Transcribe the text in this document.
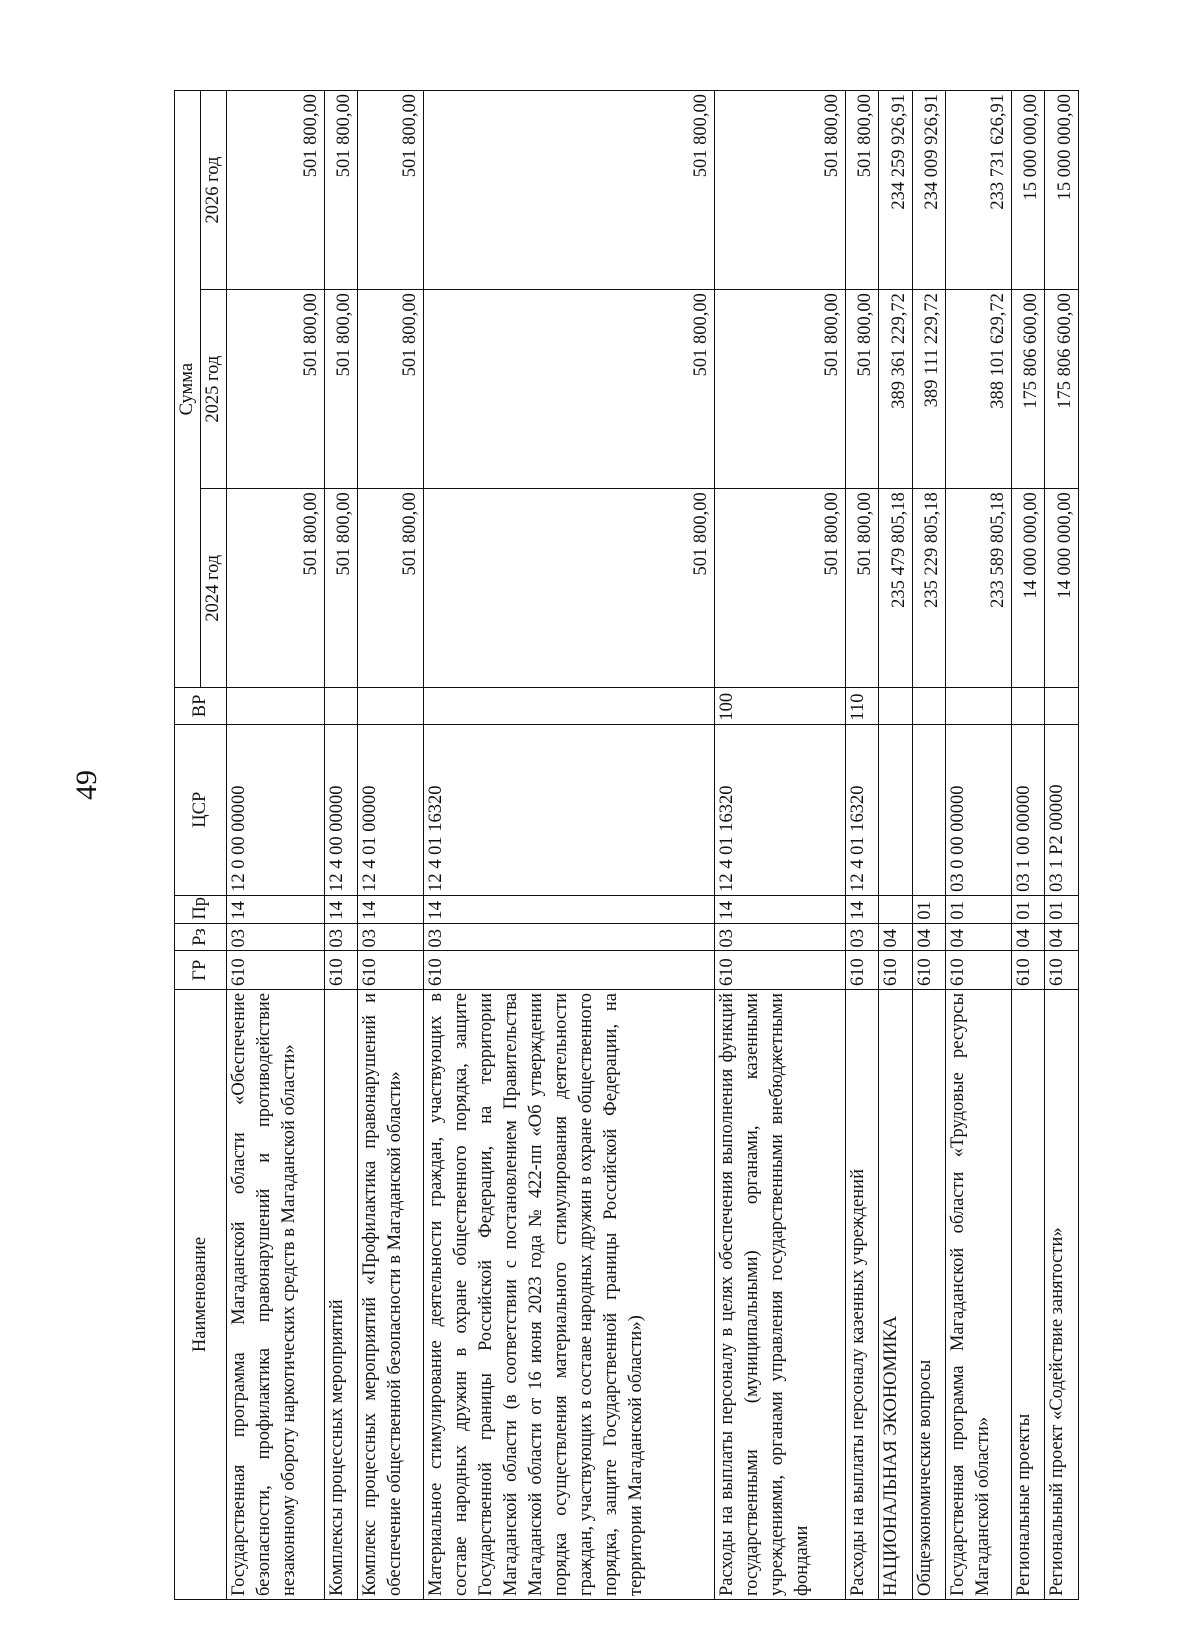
49
Наименование	ГР	Рз	Пр	ЦСР	ВР	Сумма		
						2024 год	2025 год	2026 год
Государственная программа Магаданской области «Обеспечение безопасности, профилактика правонарушений и противодействие незаконному обороту наркотических средств в Магаданской области»	610	03	14	12 0 00 00000		501 800,00	501 800,00	501 800,00
Комплексы процессных мероприятий	610	03	14	12 4 00 00000		501 800,00	501 800,00	501 800,00
Комплекс процессных мероприятий «Профилактика правонарушений и обеспечение общественной безопасности в Магаданской области»	610	03	14	12 4 01 00000		501 800,00	501 800,00	501 800,00
Материальное стимулирование деятельности граждан, участвующих в составе народных дружин в охране общественного порядка, защите Государственной границы Российской Федерации, на территории Магаданской области (в соответствии с постановлением Правительства Магаданской области от 16 июня 2023 года № 422-пп «Об утверждении порядка осуществления материального стимулирования деятельности граждан, участвующих в составе народных дружин в охране общественного порядка, защите Государственной границы Российской Федерации, на территории Магаданской области»)	610	03	14	12 4 01 16320		501 800,00	501 800,00	501 800,00
Расходы на выплаты персоналу в целях обеспечения выполнения функций государственными (муниципальными) органами, казенными учреждениями, органами управления государственными внебюджетными фондами	610	03	14	12 4 01 16320	100	501 800,00	501 800,00	501 800,00
Расходы на выплаты персоналу казенных учреждений	610	03	14	12 4 01 16320	110	501 800,00	501 800,00	501 800,00
НАЦИОНАЛЬНАЯ ЭКОНОМИКА	610	04				235 479 805,18	389 361 229,72	234 259 926,91
Общеэкономические вопросы	610	04	01			235 229 805,18	389 111 229,72	234 009 926,91
Государственная программа Магаданской области «Трудовые ресурсы Магаданской области»	610	04	01	03 0 00 00000		233 589 805,18	388 101 629,72	233 731 626,91
Региональные проекты	610	04	01	03 1 00 00000		14 000 000,00	175 806 600,00	15 000 000,00
Региональный проект «Содействие занятости»	610	04	01	03 1 P2 00000		14 000 000,00	175 806 600,00	15 000 000,00
